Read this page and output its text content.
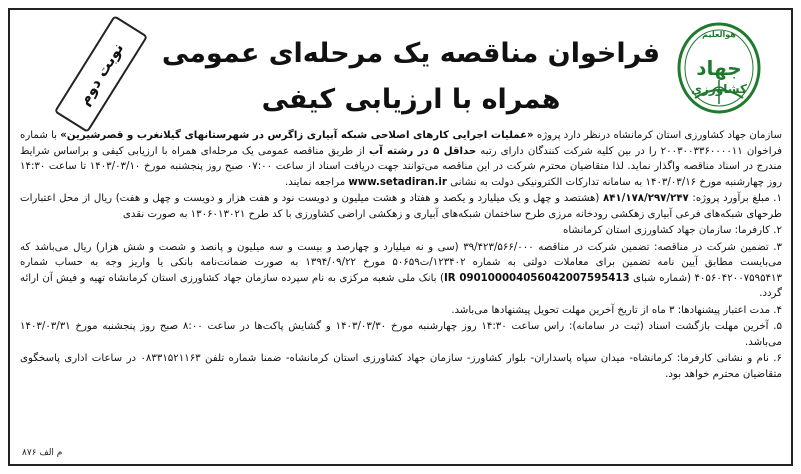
نوبت دوم	فراخوان مناقصه یک مرحله‌ای عمومی
همراه با ارزیابی کیفی
هوالعلیم
جهاد
کشاورزی

سازمان جهاد کشاورزی استان کرمانشاه درنظر دارد پروژه «عملیات اجرایی کارهای اصلاحی شبکه آبیاری زاگرس در شهرستانهای گیلانغرب و قصرشیرین» با شماره فراخوان ۲۰۰۳۰۰۳۳۶۰۰۰۰۱۱ را در بین کلیه شرکت کنندگان دارای رتبه حداقل ۵ در رشته آب از طریق مناقصه عمومی یک مرحله‌ای همراه با ارزیابی کیفی و براساس شرایط مندرج در اسناد مناقصه واگذار نماید. لذا متقاضیان محترم شرکت در این مناقصه می‌توانند جهت دریافت اسناد از ساعت ۰۷:۰۰ صبح روز پنجشنبه مورخ ۱۴۰۳/۰۳/۱۰ تا ساعت ۱۴:۳۰ روز چهارشنبه مورخ ۱۴۰۳/۰۳/۱۶ به سامانه تدارکات الکترونیکی دولت به نشانی www.setadiran.ir مراجعه نمایند.

۱. مبلغ برآورد پروژه: ۸۴۱/۱۷۸/۲۹۷/۲۴۷ (هشتصد و چهل و یک میلیارد و یکصد و هفتاد و هشت میلیون و دویست نود و هفت هزار و دویست و چهل و هفت) ریال از محل اعتبارات طرحهای شبکه‌های فرعی آبیاری زهکشی رودخانه مرزی طرح ساختمان شبکه‌های آبیاری و زهکشی اراضی کشاورزی با کد طرح ۱۳۰۶۰۱۳۰۲۱ به صورت نقدی

۲. کارفرما: سازمان جهاد کشاورزی استان کرمانشاه

۳. تضمین شرکت در مناقصه: تضمین شرکت در مناقصه ۳۹/۴۲۳/۵۶۶/۰۰۰ (سی و نه میلیارد و چهارصد و بیست و سه میلیون و پانصد و شصت و شش هزار) ریال می‌باشد که می‌بایست مطابق آیین نامه تضمین برای معاملات دولتی به شماره ۱۲۳۴۰۲/ت۵۰۶۵۹ مورخ ۱۳۹۴/۰۹/۲۲ به صورت ضمانت‌نامه بانکی یا واریز وجه به حساب شماره ۴۰۵۶۰۴۲۰۰۷۵۹۵۴۱۳ (شماره شبای IR 090100004056042007595413) بانک ملی شعبه مرکزی به نام سپرده سازمان جهاد کشاورزی استان کرمانشاه تهیه و فیش آن ارائه گردد.

۴. مدت اعتبار پیشنهادها: ۳ ماه از تاریخ آخرین مهلت تحویل پیشنهادها می‌باشد.

۵. آخرین مهلت بازگشت اسناد (ثبت در سامانه): راس ساعت ۱۴:۳۰ روز چهارشنبه مورخ ۱۴۰۳/۰۳/۳۰ و گشایش پاکت‌ها در ساعت ۸:۰۰ صبح روز پنجشنبه مورخ ۱۴۰۳/۰۳/۳۱ می‌باشد.

۶. نام و نشانی کارفرما: کرمانشاه- میدان سپاه پاسداران- بلوار کشاورز- سازمان جهاد کشاورزی استان کرمانشاه- ضمنا شماره تلفن ۰۸۳۳۱۵۲۱۱۶۳ در ساعات اداری پاسخگوی متقاضیان محترم خواهد بود.

م الف ۸۷۶
